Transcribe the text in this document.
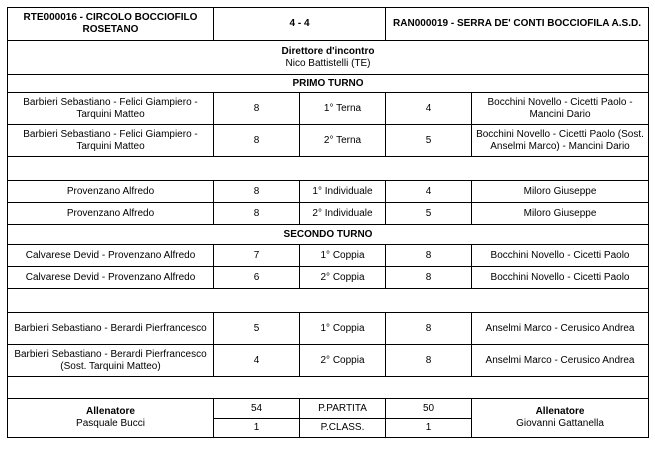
RTE000016 - CIRCOLO BOCCIOFILO ROSETANO	4 - 4		RAN000019 - SERRA DE' CONTI BOCCIOFILA A.S.D.	

Direttore d'incontro
Nico Battistelli (TE)				

PRIMO TURNO				
Barbieri Sebastiano - Felici Giampiero - Tarquini Matteo	8	1° Terna	4	Bocchini Novello - Cicetti Paolo - Mancini Dario
Barbieri Sebastiano - Felici Giampiero - Tarquini Matteo	8	2° Terna	5	Bocchini Novello - Cicetti Paolo (Sost. Anselmi Marco) - Mancini Dario

Provenzano Alfredo	8	1° Individuale	4	Miloro Giuseppe
Provenzano Alfredo	8	2° Individuale	5	Miloro Giuseppe
SECONDO TURNO				
Calvarese Devid - Provenzano Alfredo	7	1° Coppia	8	Bocchini Novello - Cicetti Paolo
Calvarese Devid - Provenzano Alfredo	6	2° Coppia	8	Bocchini Novello - Cicetti Paolo

Barbieri Sebastiano - Berardi Pierfrancesco	5	1° Coppia	8	Anselmi Marco - Cerusico Andrea
Barbieri Sebastiano - Berardi Pierfrancesco (Sost. Tarquini Matteo)	4	2° Coppia	8	Anselmi Marco - Cerusico Andrea

Allenatore
Pasquale Bucci	54	P.PARTITA	50	Allenatore
Giovanni Gattanella

	1	P.CLASS.	1	
